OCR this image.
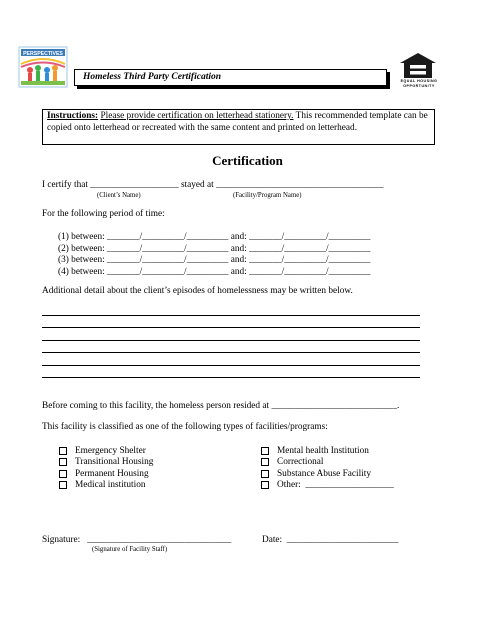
PERSPECTIVES
Homeless Third Party Certification	EQUAL HOUSING OPPORTUNITY
Instructions: Please provide certification on letterhead stationery. This recommended template can be copied onto letterhead or recreated with the same content and printed on letterhead.
Certification
I certify that ___________________ stayed at ____________________________________
(Client’s Name)	(Facility/Program Name)
For the following period of time:
(1) between: _______/_________/_________ and: _______/_________/_________
(2) between: _______/_________/_________ and: _______/_________/_________
(3) between: _______/_________/_________ and: _______/_________/_________
(4) between: _______/_________/_________ and: _______/_________/_________
Additional detail about the client’s episodes of homelessness may be written below.
Before coming to this facility, the homeless person resided at ___________________________.
This facility is classified as one of the following types of facilities/programs:
Emergency Shelter
Transitional Housing
Permanent Housing
Medical institution
Mental health Institution
Correctional
Substance Abuse Facility
Other:  ___________________
Signature: _______________________________
(Signature of Facility Staff)
Date: ________________________
